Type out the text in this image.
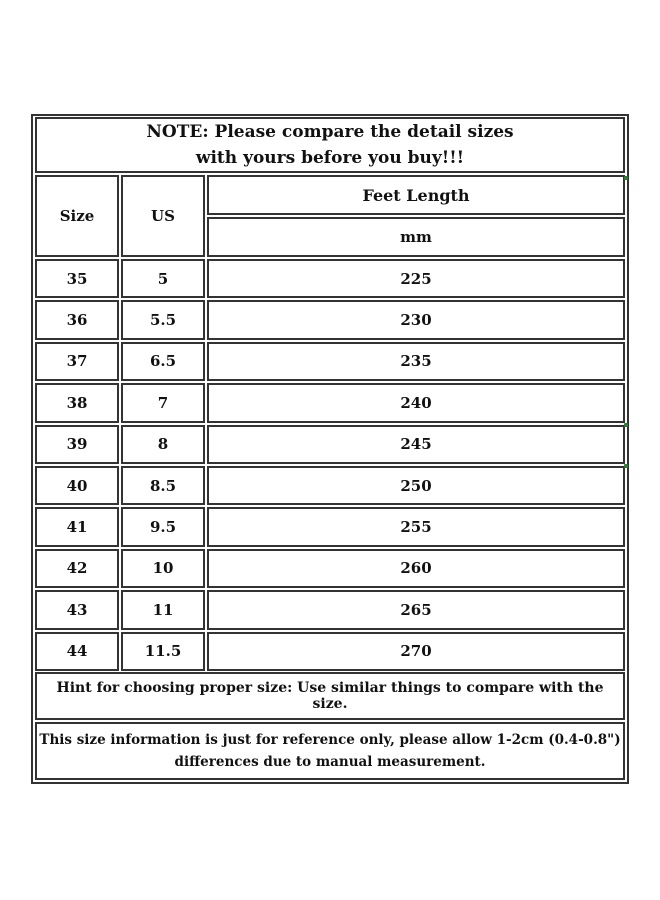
NOTE: Please compare the detail sizes
with yours before you buy!!!
Size	US
Feet Length
mm
35	5	225
36	5.5	230
37	6.5	235
38	7	240
39	8	245
40	8.5	250
41	9.5	255
42	10	260
43	11	265
44	11.5	270
Hint for choosing proper size: Use similar things to compare with the size.
This size information is just for reference only, please allow 1-2cm (0.4-0.8")
differences due to manual measurement.
